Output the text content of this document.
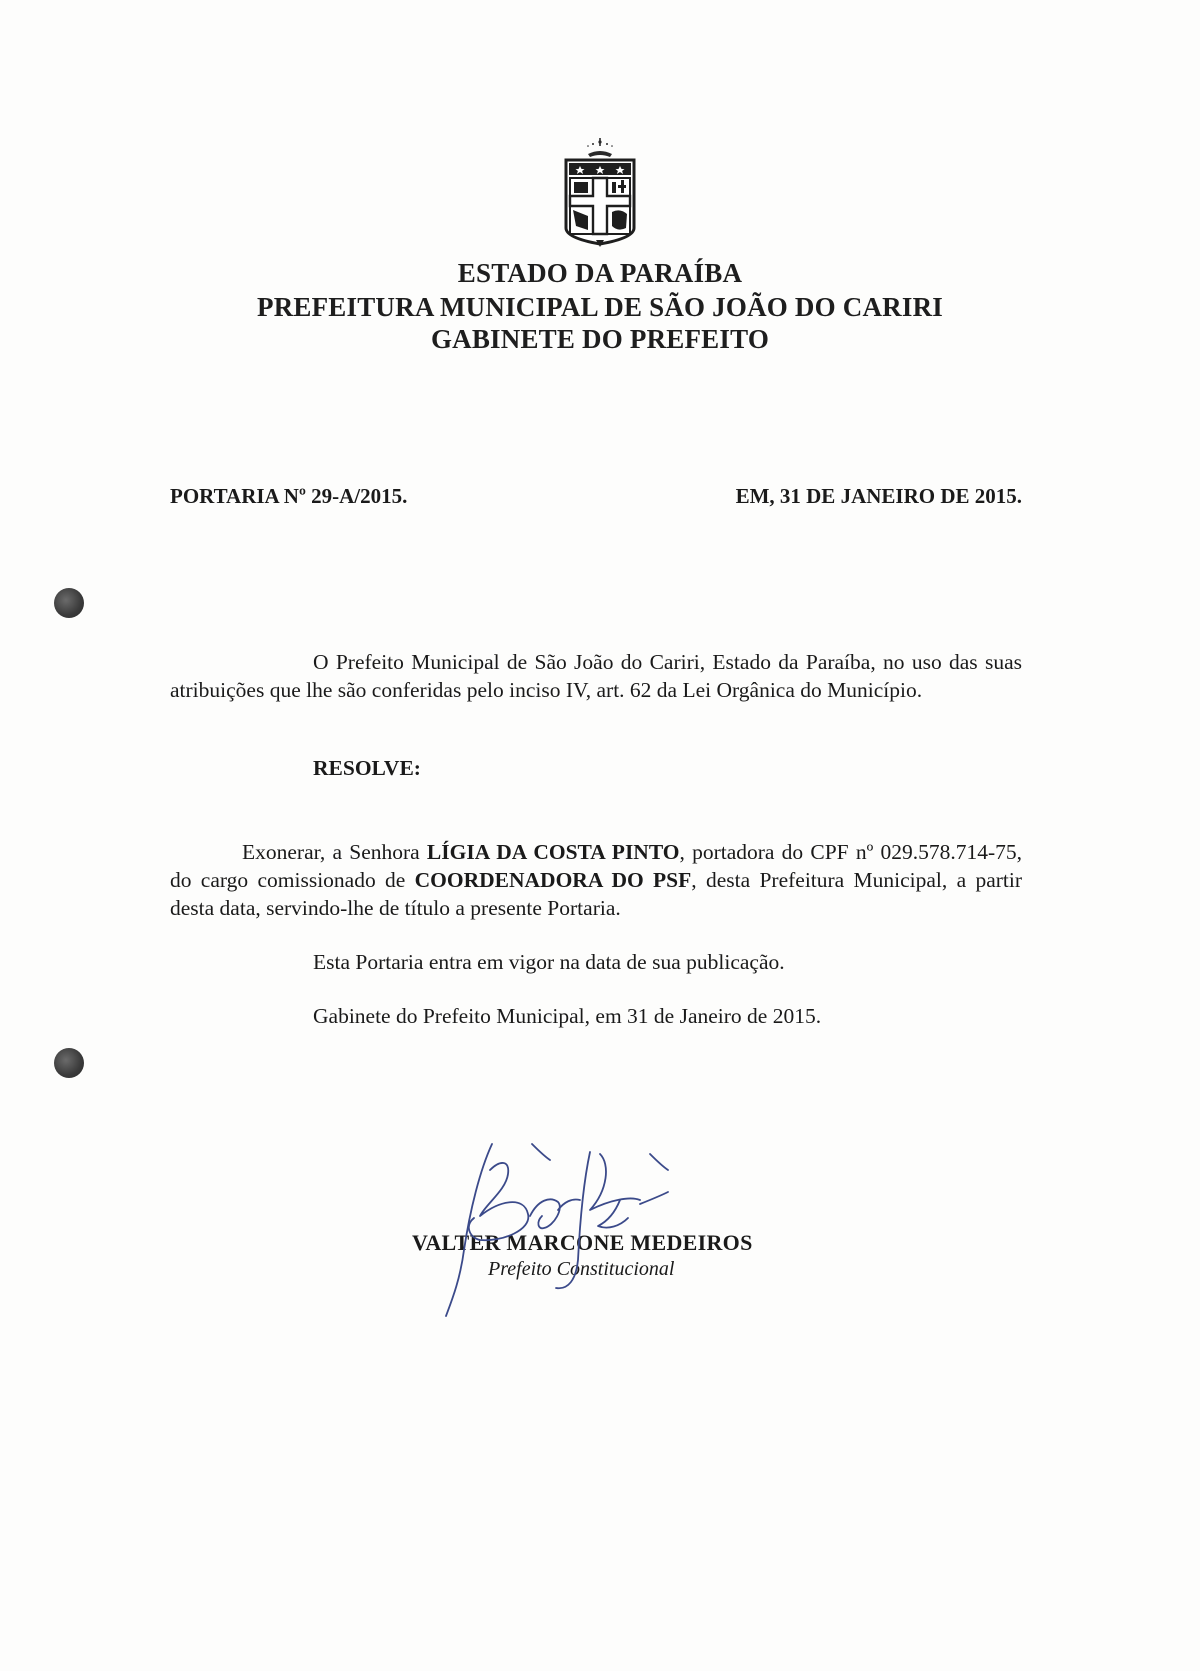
ESTADO DA PARAÍBA
PREFEITURA MUNICIPAL DE SÃO JOÃO DO CARIRI
GABINETE DO PREFEITO
PORTARIA Nº 29-A/2015.	EM, 31 DE JANEIRO DE 2015.
O Prefeito Municipal de São João do Cariri, Estado da Paraíba, no uso das suas atribuições que lhe são conferidas pelo inciso IV, art. 62 da Lei Orgânica do Município.
RESOLVE:
Exonerar, a Senhora LÍGIA DA COSTA PINTO, portadora do CPF nº 029.578.714-75, do cargo comissionado de COORDENADORA DO PSF, desta Prefeitura Municipal, a partir desta data, servindo-lhe de título a presente Portaria.
Esta Portaria entra em vigor na data de sua publicação.
Gabinete do Prefeito Municipal, em 31 de Janeiro de 2015.
VALTER MARCONE MEDEIROS
Prefeito Constitucional
